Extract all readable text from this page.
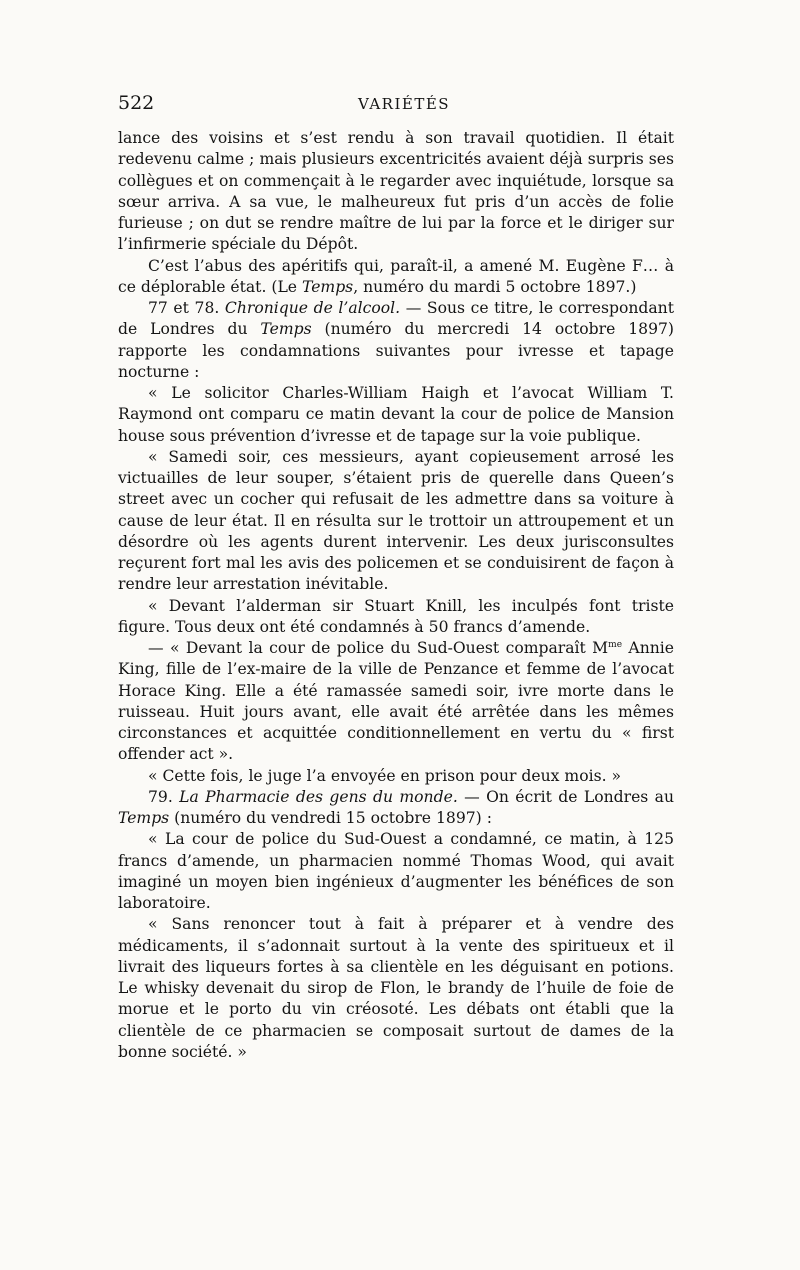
522	VARIÉTÉS

lance des voisins et s’est rendu à son travail quotidien. Il était redevenu calme ; mais plusieurs excentricités avaient déjà surpris ses collègues et on commençait à le regarder avec inquiétude, lorsque sa sœur arriva. A sa vue, le malheureux fut pris d’un accès de folie furieuse ; on dut se rendre maître de lui par la force et le diriger sur l’infirmerie spéciale du Dépôt.

C’est l’abus des apéritifs qui, paraît-il, a amené M. Eugène F… à ce déplorable état. (Le Temps, numéro du mardi 5 octobre 1897.)

77 et 78. Chronique de l’alcool. — Sous ce titre, le correspondant de Londres du Temps (numéro du mercredi 14 octobre 1897) rapporte les condamnations suivantes pour ivresse et tapage nocturne :

« Le solicitor Charles-William Haigh et l’avocat William T. Raymond ont comparu ce matin devant la cour de police de Mansion house sous prévention d’ivresse et de tapage sur la voie publique.

« Samedi soir, ces messieurs, ayant copieusement arrosé les victuailles de leur souper, s’étaient pris de querelle dans Queen’s street avec un cocher qui refusait de les admettre dans sa voiture à cause de leur état. Il en résulta sur le trottoir un attroupement et un désordre où les agents durent intervenir. Les deux jurisconsultes reçurent fort mal les avis des policemen et se conduisirent de façon à rendre leur arrestation inévitable.

« Devant l’alderman sir Stuart Knill, les inculpés font triste figure. Tous deux ont été condamnés à 50 francs d’amende.

— « Devant la cour de police du Sud-Ouest comparaît $M^{me}$ Annie King, fille de l’ex-maire de la ville de Penzance et femme de l’avocat Horace King. Elle a été ramassée samedi soir, ivre morte dans le ruisseau. Huit jours avant, elle avait été arrêtée dans les mêmes circonstances et acquittée conditionnellement en vertu du « first offender act ».

« Cette fois, le juge l’a envoyée en prison pour deux mois. »

79. La Pharmacie des gens du monde. — On écrit de Londres au Temps (numéro du vendredi 15 octobre 1897) :

« La cour de police du Sud-Ouest a condamné, ce matin, à 125 francs d’amende, un pharmacien nommé Thomas Wood, qui avait imaginé un moyen bien ingénieux d’augmenter les bénéfices de son laboratoire.

« Sans renoncer tout à fait à préparer et à vendre des médicaments, il s’adonnait surtout à la vente des spiritueux et il livrait des liqueurs fortes à sa clientèle en les déguisant en potions. Le whisky devenait du sirop de Flon, le brandy de l’huile de foie de morue et le porto du vin créosoté. Les débats ont établi que la clientèle de ce pharmacien se composait surtout de dames de la bonne société. »
